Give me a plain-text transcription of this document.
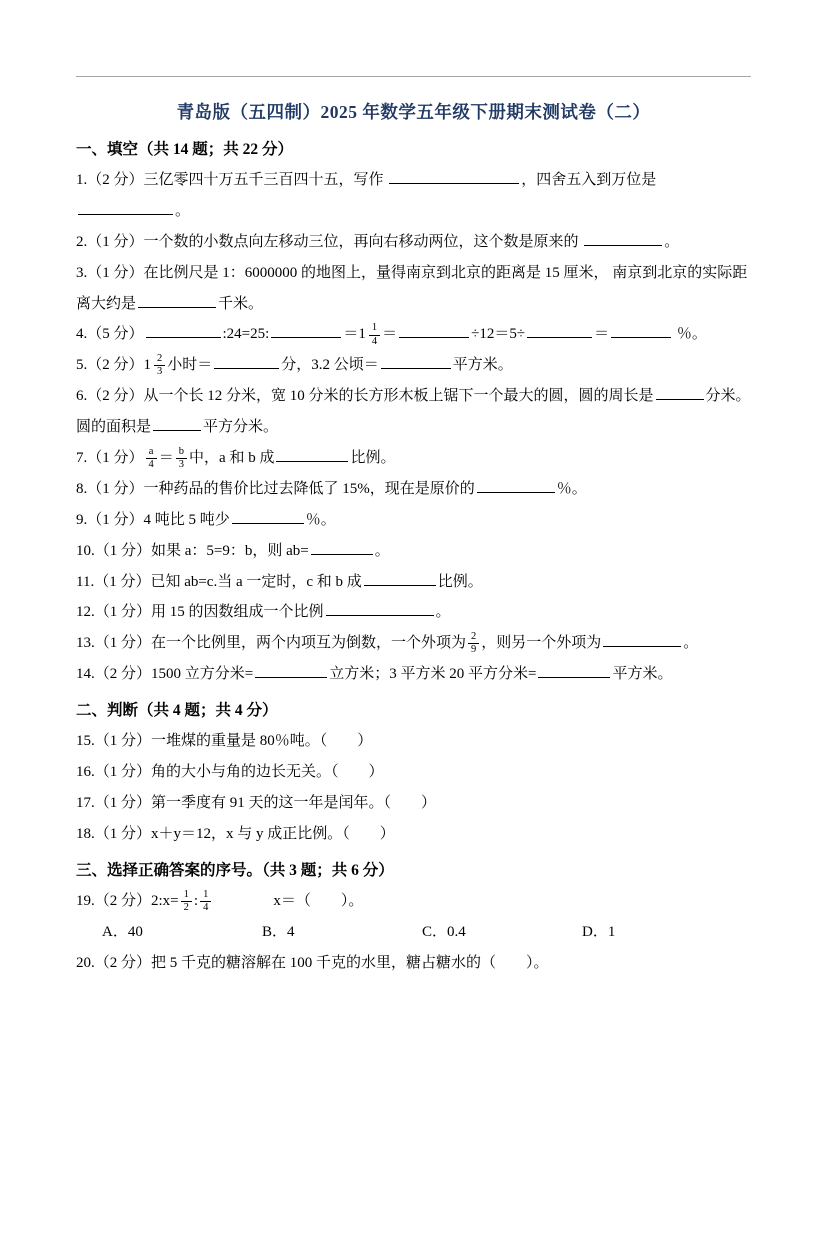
青岛版（五四制）2025 年数学五年级下册期末测试卷（二）
一、填空（共 14 题；共 22 分）
1.（2 分）三亿零四十万五千三百四十五，写作	，四舍五入到万位是。
2.（1 分）一个数的小数点向左移动三位，再向右移动两位，这个数是原来的	。
3.（1 分）在比例尺是 1：6000000 的地图上，量得南京到北京的距离是 15 厘米， 南京到北京的实际距离大约是	千米。
4.（5 分）	:24=25:	$=1 \frac{1}{4}$ ＝	÷12＝5÷	＝	％。
5.（2 分）$1 \frac{2}{3}$ 小时＝	分，3.2 公顷＝	平方米。
6.（2 分）从一个长 12 分米，宽 10 分米的长方形木板上锯下一个最大的圆，圆的周长是	分米。圆的面积是	平方分米。
7.（1 分） $\frac{a}{4} = \frac{b}{3}$ 中，a 和 b 成	比例。
8.（1 分）一种药品的售价比过去降低了 15%，现在是原价的	％。
9.（1 分）4 吨比 5 吨少	％。
10.（1 分）如果 a：5=9：b，则 ab=	。
11.（1 分）已知 ab=c.当 a 一定时，c 和 b 成	比例。
12.（1 分）用 15 的因数组成一个比例	。
13.（1 分）在一个比例里，两个内项互为倒数，一个外项为 $\frac{2}{9}$ ，则另一个外项为	。
14.（2 分）1500 立方分米=	立方米；3 平方米 20 平方分米=	平方米。
二、判断（共 4 题；共 4 分）
15.（1 分）一堆煤的重量是 80％吨。（　　）
16.（1 分）角的大小与角的边长无关。（　　）
17.（1 分）第一季度有 91 天的这一年是闰年。（　　）
18.（1 分）x＋y＝12，x 与 y 成正比例。（　　）
三、选择正确答案的序号。（共 3 题；共 6 分）
19.（2 分）2:x= $\frac{1}{2}$ : $\frac{1}{4}$	x＝（　　）。
A．40	B．4	C．0.4	D．1
20.（2 分）把 5 千克的糖溶解在 100 千克的水里，糖占糖水的（　　）。
